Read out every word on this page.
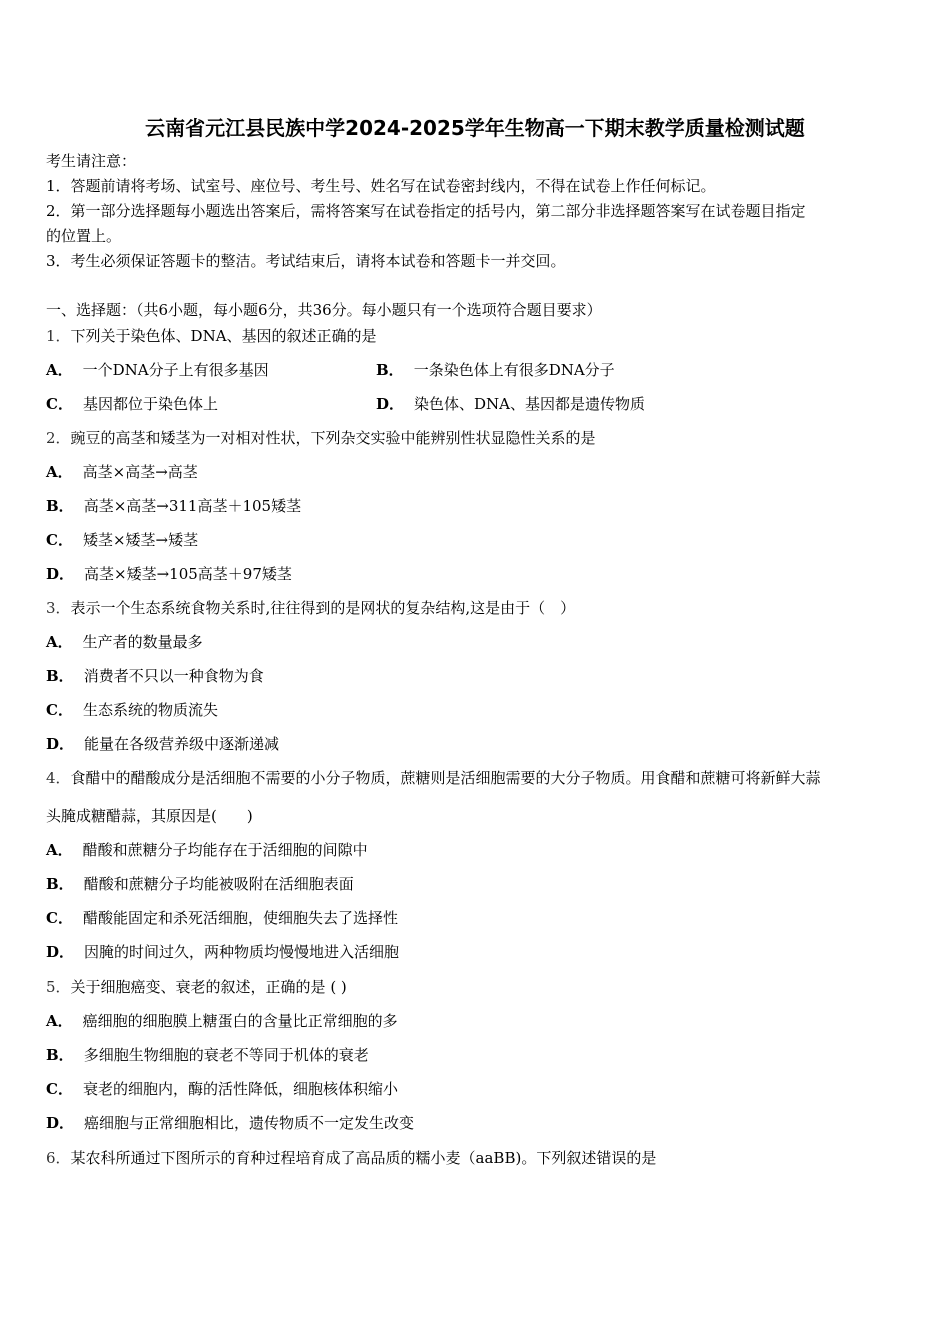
云南省元江县民族中学2024-2025学年生物高一下期末教学质量检测试题
考生请注意：
1．答题前请将考场、试室号、座位号、考生号、姓名写在试卷密封线内，不得在试卷上作任何标记。
2．第一部分选择题每小题选出答案后，需将答案写在试卷指定的括号内，第二部分非选择题答案写在试卷题目指定
的位置上。
3．考生必须保证答题卡的整洁。考试结束后，请将本试卷和答题卡一并交回。
一、选择题：（共6小题，每小题6分，共36分。每小题只有一个选项符合题目要求）
1．下列关于染色体、DNA、基因的叙述正确的是
A． 一个DNA分子上有很多基因	B． 一条染色体上有很多DNA分子
C． 基因都位于染色体上	D． 染色体、DNA、基因都是遗传物质
2．豌豆的高茎和矮茎为一对相对性状，下列杂交实验中能辨别性状显隐性关系的是
A． 高茎×高茎→高茎
B． 高茎×高茎→311高茎＋105矮茎
C． 矮茎×矮茎→矮茎
D． 高茎×矮茎→105高茎＋97矮茎
3．表示一个生态系统食物关系时,往往得到的是网状的复杂结构,这是由于（　）
A． 生产者的数量最多
B． 消费者不只以一种食物为食
C． 生态系统的物质流失
D． 能量在各级营养级中逐渐递减
4．食醋中的醋酸成分是活细胞不需要的小分子物质，蔗糖则是活细胞需要的大分子物质。用食醋和蔗糖可将新鲜大蒜
头腌成糖醋蒜，其原因是(　　)
A． 醋酸和蔗糖分子均能存在于活细胞的间隙中
B． 醋酸和蔗糖分子均能被吸附在活细胞表面
C． 醋酸能固定和杀死活细胞，使细胞失去了选择性
D． 因腌的时间过久，两种物质均慢慢地进入活细胞
5．关于细胞癌变、衰老的叙述，正确的是 ( )
A． 癌细胞的细胞膜上糖蛋白的含量比正常细胞的多
B． 多细胞生物细胞的衰老不等同于机体的衰老
C． 衰老的细胞内，酶的活性降低，细胞核体积缩小
D． 癌细胞与正常细胞相比，遗传物质不一定发生改变
6．某农科所通过下图所示的育种过程培育成了高品质的糯小麦（aaBB)。下列叙述错误的是
